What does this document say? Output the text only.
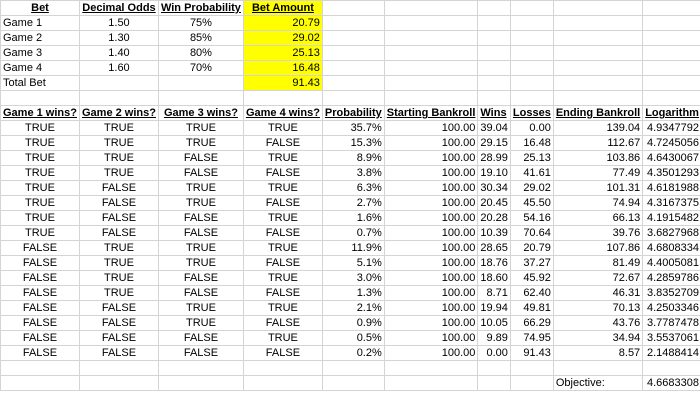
Bet	Decimal Odds	Win Probability	Bet Amount						
Game 1	1.50	75%	20.79						
Game 2	1.30	85%	29.02						
Game 3	1.40	80%	25.13						
Game 4	1.60	70%	16.48						
Total Bet			91.43						

Game 1 wins?	Game 2 wins?	Game 3 wins?	Game 4 wins?	Probability	Starting Bankroll	Wins	Losses	Ending Bankroll	Logarithm
TRUE	TRUE	TRUE	TRUE	35.7%	100.00	39.04	0.00	139.04	4.9347792
TRUE	TRUE	TRUE	FALSE	15.3%	100.00	29.15	16.48	112.67	4.7245056
TRUE	TRUE	FALSE	TRUE	8.9%	100.00	28.99	25.13	103.86	4.6430067
TRUE	TRUE	FALSE	FALSE	3.8%	100.00	19.10	41.61	77.49	4.3501293
TRUE	FALSE	TRUE	TRUE	6.3%	100.00	30.34	29.02	101.31	4.6181988
TRUE	FALSE	TRUE	FALSE	2.7%	100.00	20.45	45.50	74.94	4.3167375
TRUE	FALSE	FALSE	TRUE	1.6%	100.00	20.28	54.16	66.13	4.1915482
TRUE	FALSE	FALSE	FALSE	0.7%	100.00	10.39	70.64	39.76	3.6827968
FALSE	TRUE	TRUE	TRUE	11.9%	100.00	28.65	20.79	107.86	4.6808334
FALSE	TRUE	TRUE	FALSE	5.1%	100.00	18.76	37.27	81.49	4.4005081
FALSE	TRUE	FALSE	TRUE	3.0%	100.00	18.60	45.92	72.67	4.2859786
FALSE	TRUE	FALSE	FALSE	1.3%	100.00	8.71	62.40	46.31	3.8352709
FALSE	FALSE	TRUE	TRUE	2.1%	100.00	19.94	49.81	70.13	4.2503346
FALSE	FALSE	TRUE	FALSE	0.9%	100.00	10.05	66.29	43.76	3.7787478
FALSE	FALSE	FALSE	TRUE	0.5%	100.00	9.89	74.95	34.94	3.5537061
FALSE	FALSE	FALSE	FALSE	0.2%	100.00	0.00	91.43	8.57	2.1488414

								Objective:	4.6683308
